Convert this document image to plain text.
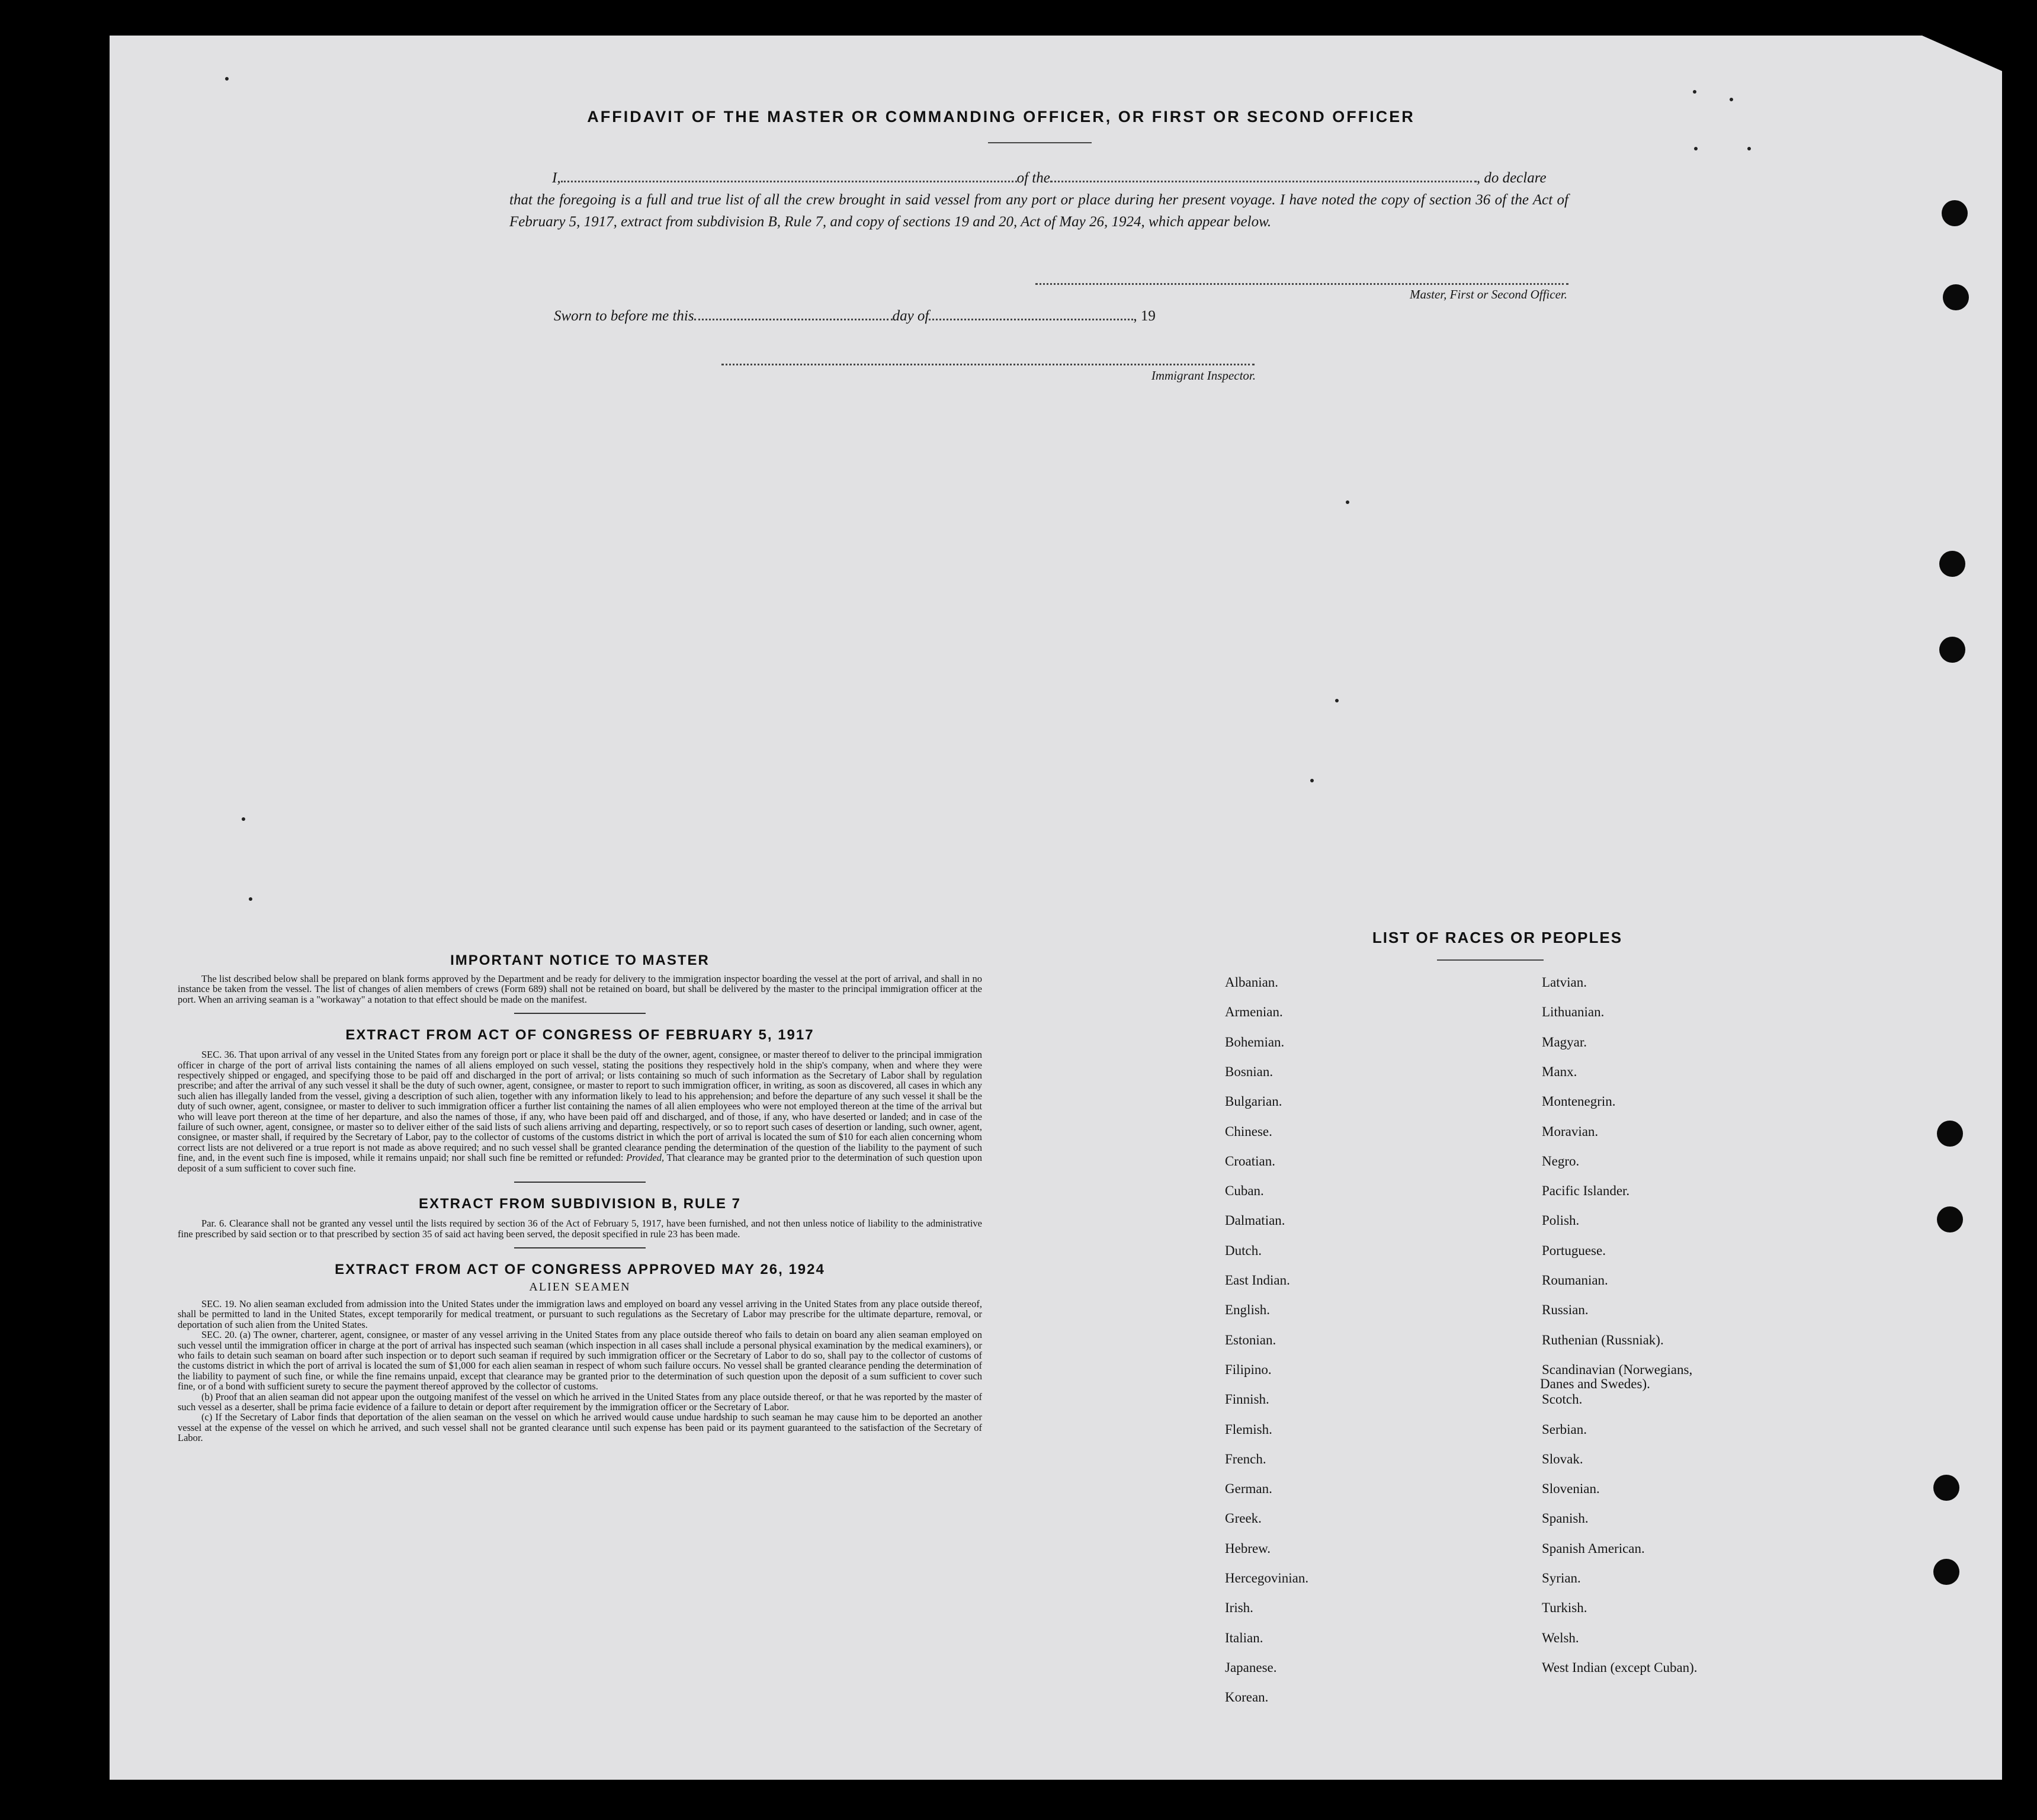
AFFIDAVIT OF THE MASTER OR COMMANDING OFFICER, OR FIRST OR SECOND OFFICER
I,	of the	, do declare
that the foregoing is a full and true list of all the crew brought in said vessel from any port or place during her present voyage. I have noted the copy of section 36 of the Act of February 5, 1917, extract from subdivision B, Rule 7, and copy of sections 19 and 20, Act of May 26, 1924, which appear below.
Master, First or Second Officer.
Sworn to before me this	day of	, 19
Immigrant Inspector.
IMPORTANT NOTICE TO MASTER

The list described below shall be prepared on blank forms approved by the Department and be ready for delivery to the immigration inspector boarding the vessel at the port of arrival, and shall in no instance be taken from the vessel. The list of changes of alien members of crews (Form 689) shall not be retained on board, but shall be delivered by the master to the principal immigration officer at the port. When an arriving seaman is a "workaway" a notation to that effect should be made on the manifest.

EXTRACT FROM ACT OF CONGRESS OF FEBRUARY 5, 1917

SEC. 36. That upon arrival of any vessel in the United States from any foreign port or place it shall be the duty of the owner, agent, consignee, or master thereof to deliver to the principal immigration officer in charge of the port of arrival lists containing the names of all aliens employed on such vessel, stating the positions they respectively hold in the ship's company, when and where they were respectively shipped or engaged, and specifying those to be paid off and discharged in the port of arrival; or lists containing so much of such information as the Secretary of Labor shall by regulation prescribe; and after the arrival of any such vessel it shall be the duty of such owner, agent, consignee, or master to report to such immigration officer, in writing, as soon as discovered, all cases in which any such alien has illegally landed from the vessel, giving a description of such alien, together with any information likely to lead to his apprehension; and before the departure of any such vessel it shall be the duty of such owner, agent, consignee, or master to deliver to such immigration officer a further list containing the names of all alien employees who were not employed thereon at the time of the arrival but who will leave port thereon at the time of her departure, and also the names of those, if any, who have been paid off and discharged, and of those, if any, who have deserted or landed; and in case of the failure of such owner, agent, consignee, or master so to deliver either of the said lists of such aliens arriving and departing, respectively, or so to report such cases of desertion or landing, such owner, agent, consignee, or master shall, if required by the Secretary of Labor, pay to the collector of customs of the customs district in which the port of arrival is located the sum of $10 for each alien concerning whom correct lists are not delivered or a true report is not made as above required; and no such vessel shall be granted clearance pending the determination of the question of the liability to the payment of such fine, and, in the event such fine is imposed, while it remains unpaid; nor shall such fine be remitted or refunded: Provided, That clearance may be granted prior to the determination of such question upon deposit of a sum sufficient to cover such fine.

EXTRACT FROM SUBDIVISION B, RULE 7

Par. 6. Clearance shall not be granted any vessel until the lists required by section 36 of the Act of February 5, 1917, have been furnished, and not then unless notice of liability to the administrative fine prescribed by said section or to that prescribed by section 35 of said act having been served, the deposit specified in rule 23 has been made.

EXTRACT FROM ACT OF CONGRESS APPROVED MAY 26, 1924
ALIEN SEAMEN

SEC. 19. No alien seaman excluded from admission into the United States under the immigration laws and employed on board any vessel arriving in the United States from any place outside thereof, shall be permitted to land in the United States, except temporarily for medical treatment, or pursuant to such regulations as the Secretary of Labor may prescribe for the ultimate departure, removal, or deportation of such alien from the United States.

SEC. 20. (a) The owner, charterer, agent, consignee, or master of any vessel arriving in the United States from any place outside thereof who fails to detain on board any alien seaman employed on such vessel until the immigration officer in charge at the port of arrival has inspected such seaman (which inspection in all cases shall include a personal physical examination by the medical examiners), or who fails to detain such seaman on board after such inspection or to deport such seaman if required by such immigration officer or the Secretary of Labor to do so, shall pay to the collector of customs of the customs district in which the port of arrival is located the sum of $1,000 for each alien seaman in respect of whom such failure occurs. No vessel shall be granted clearance pending the determination of the liability to payment of such fine, or while the fine remains unpaid, except that clearance may be granted prior to the determination of such question upon the deposit of a sum sufficient to cover such fine, or of a bond with sufficient surety to secure the payment thereof approved by the collector of customs.

(b) Proof that an alien seaman did not appear upon the outgoing manifest of the vessel on which he arrived in the United States from any place outside thereof, or that he was reported by the master of such vessel as a deserter, shall be prima facie evidence of a failure to detain or deport after requirement by the immigration officer or the Secretary of Labor.

(c) If the Secretary of Labor finds that deportation of the alien seaman on the vessel on which he arrived would cause undue hardship to such seaman he may cause him to be deported an another vessel at the expense of the vessel on which he arrived, and such vessel shall not be granted clearance until such expense has been paid or its payment guaranteed to the satisfaction of the Secretary of Labor.

LIST OF RACES OR PEOPLES
Albanian.
Armenian.
Bohemian.
Bosnian.
Bulgarian.
Chinese.
Croatian.
Cuban.
Dalmatian.
Dutch.
East Indian.
English.
Estonian.
Filipino.
Finnish.
Flemish.
French.
German.
Greek.
Hebrew.
Hercegovinian.
Irish.
Italian.
Japanese.
Korean.
Latvian.
Lithuanian.
Magyar.
Manx.
Montenegrin.
Moravian.
Negro.
Pacific Islander.
Polish.
Portuguese.
Roumanian.
Russian.
Ruthenian (Russniak).
Scandinavian (Norwegians,
Scotch.
Serbian.
Slovak.
Slovenian.
Spanish.
Spanish American.
Syrian.
Turkish.
Welsh.
West Indian (except Cuban).
Danes and Swedes).
